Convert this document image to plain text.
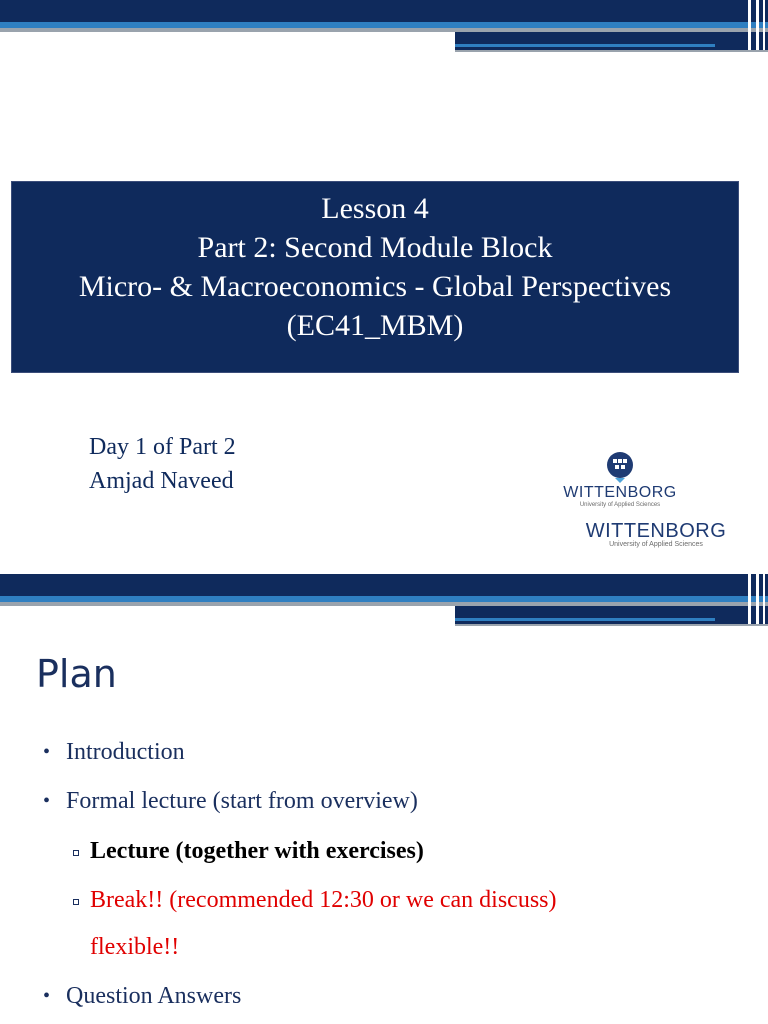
Lesson 4
Part 2: Second Module Block
Micro- & Macroeconomics - Global Perspectives
(EC41_MBM)
Day 1 of Part 2
Amjad Naveed	WITTENBORG
University of Applied Sciences
WITTENBORG
University of Applied Sciences
Plan
• Introduction
• Formal lecture (start from overview)
Lecture (together with exercises)
Break!! (recommended 12:30 or we can discuss)
flexible!!
• Question Answers
